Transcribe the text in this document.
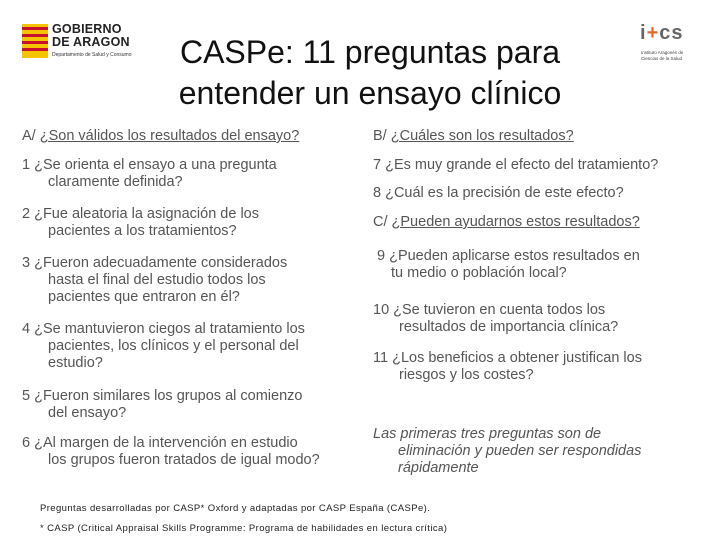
GOBIERNO
DE ARAGON
Departamento de Salud y Consumo
i+cs
Instituto Aragonés de Ciencias de la Salud
CASPe: 11 preguntas para
entender un ensayo clínico
A/ ¿Son válidos los resultados del ensayo?
1 ¿Se orienta el ensayo a una pregunta
claramente definida?
2 ¿Fue aleatoria la asignación de los
pacientes a los tratamientos?
3 ¿Fueron adecuadamente considerados
hasta el final del estudio todos los
pacientes que entraron en él?
4 ¿Se mantuvieron ciegos al tratamiento los
pacientes, los clínicos y el personal del
estudio?
5 ¿Fueron similares los grupos al comienzo
del ensayo?
6 ¿Al margen de la intervención en estudio
los grupos fueron tratados de igual modo?
B/ ¿Cuáles son los resultados?
7 ¿Es muy grande el efecto del tratamiento?
8 ¿Cuál es la precisión de este efecto?
C/ ¿Pueden ayudarnos estos resultados?
9 ¿Pueden aplicarse estos resultados en
tu medio o población local?
10 ¿Se tuvieron en cuenta todos los
resultados de importancia clínica?
11 ¿Los beneficios a obtener justifican los
riesgos y los costes?
Las primeras tres preguntas son de
eliminación y pueden ser respondidas
rápidamente
Preguntas desarrolladas por CASP* Oxford y adaptadas por CASP España (CASPe).
* CASP (Critical Appraisal Skills Programme: Programa de habilidades en lectura crítica)
